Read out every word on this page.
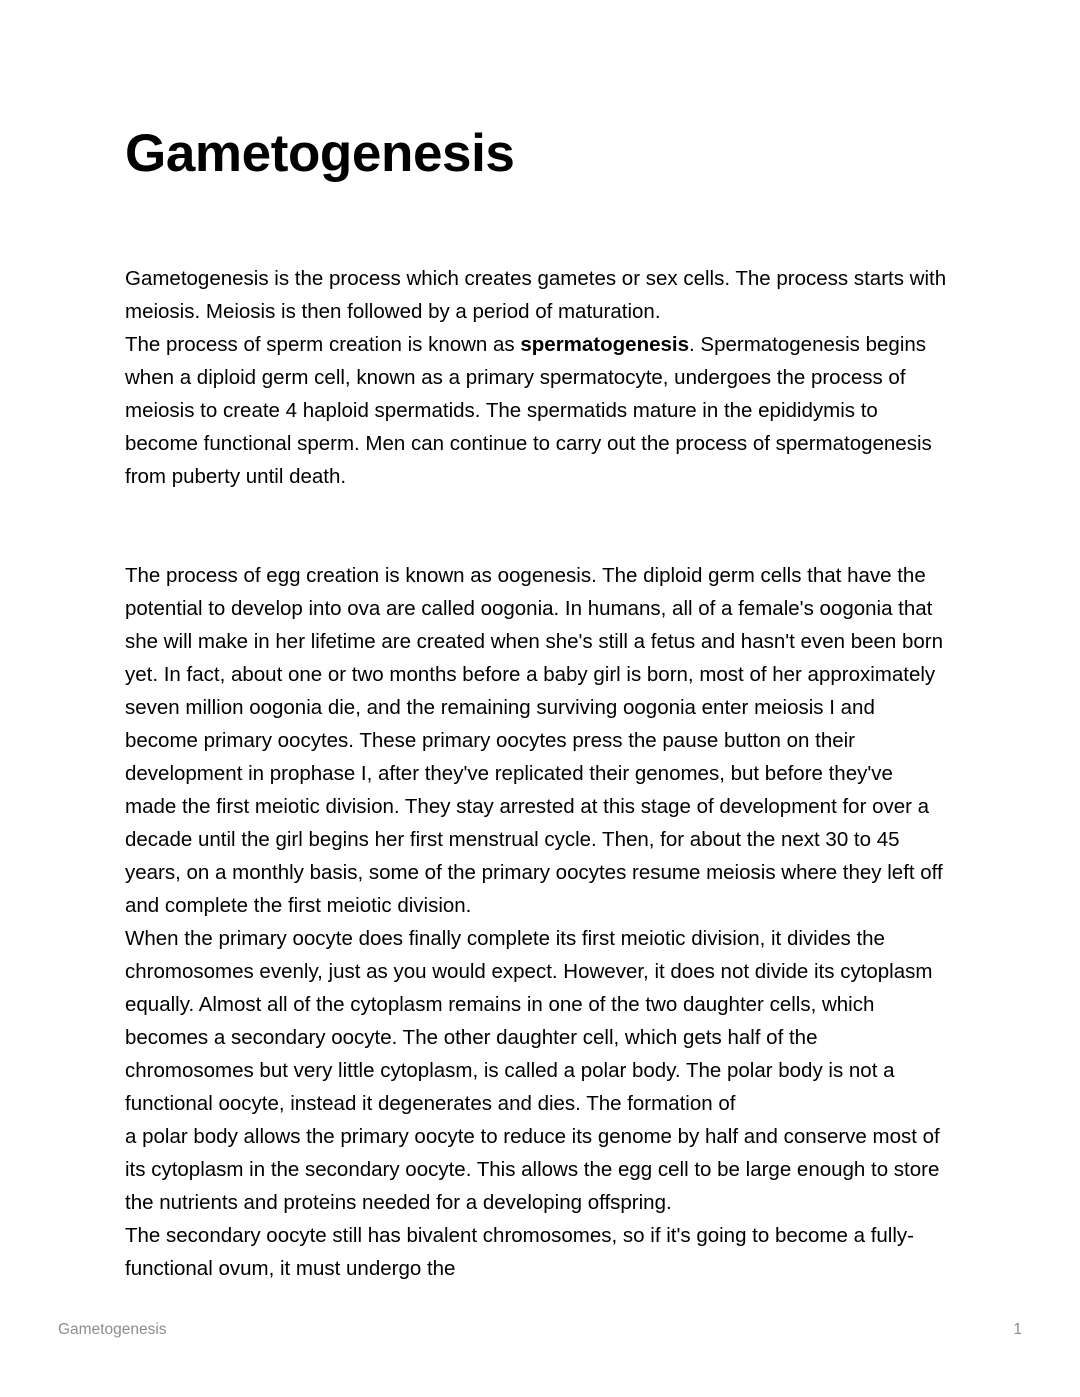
Gametogenesis

Gametogenesis is the process which creates gametes or sex cells. The process starts with meiosis. Meiosis is then followed by a period of maturation.
The process of sperm creation is known as spermatogenesis. Spermatogenesis begins when a diploid germ cell, known as a primary spermatocyte, undergoes the process of meiosis to create 4 haploid spermatids. The spermatids mature in the epididymis to become functional sperm. Men can continue to carry out the process of spermatogenesis from puberty until death.

The process of egg creation is known as oogenesis. The diploid germ cells that have the potential to develop into ova are called oogonia. In humans, all of a female's oogonia that she will make in her lifetime are created when she's still a fetus and hasn't even been born yet. In fact, about one or two months before a baby girl is born, most of her approximately seven million oogonia die, and the remaining surviving oogonia enter meiosis I and become primary oocytes. These primary oocytes press the pause button on their development in prophase I, after they've replicated their genomes, but before they've made the first meiotic division. They stay arrested at this stage of development for over a decade until the girl begins her first menstrual cycle. Then, for about the next 30 to 45 years, on a monthly basis, some of the primary oocytes resume meiosis where they left off and complete the first meiotic division.

When the primary oocyte does finally complete its first meiotic division, it divides the chromosomes evenly, just as you would expect. However, it does not divide its cytoplasm equally. Almost all of the cytoplasm remains in one of the two daughter cells, which becomes a secondary oocyte. The other daughter cell, which gets half of the chromosomes but very little cytoplasm, is called a polar body. The polar body is not a functional oocyte, instead it degenerates and dies. The formation of

a polar body allows the primary oocyte to reduce its genome by half and conserve most of its cytoplasm in the secondary oocyte. This allows the egg cell to be large enough to store the nutrients and proteins needed for a developing offspring.

The secondary oocyte still has bivalent chromosomes, so if it's going to become a fully-functional ovum, it must undergo the

Gametogenesis	1
